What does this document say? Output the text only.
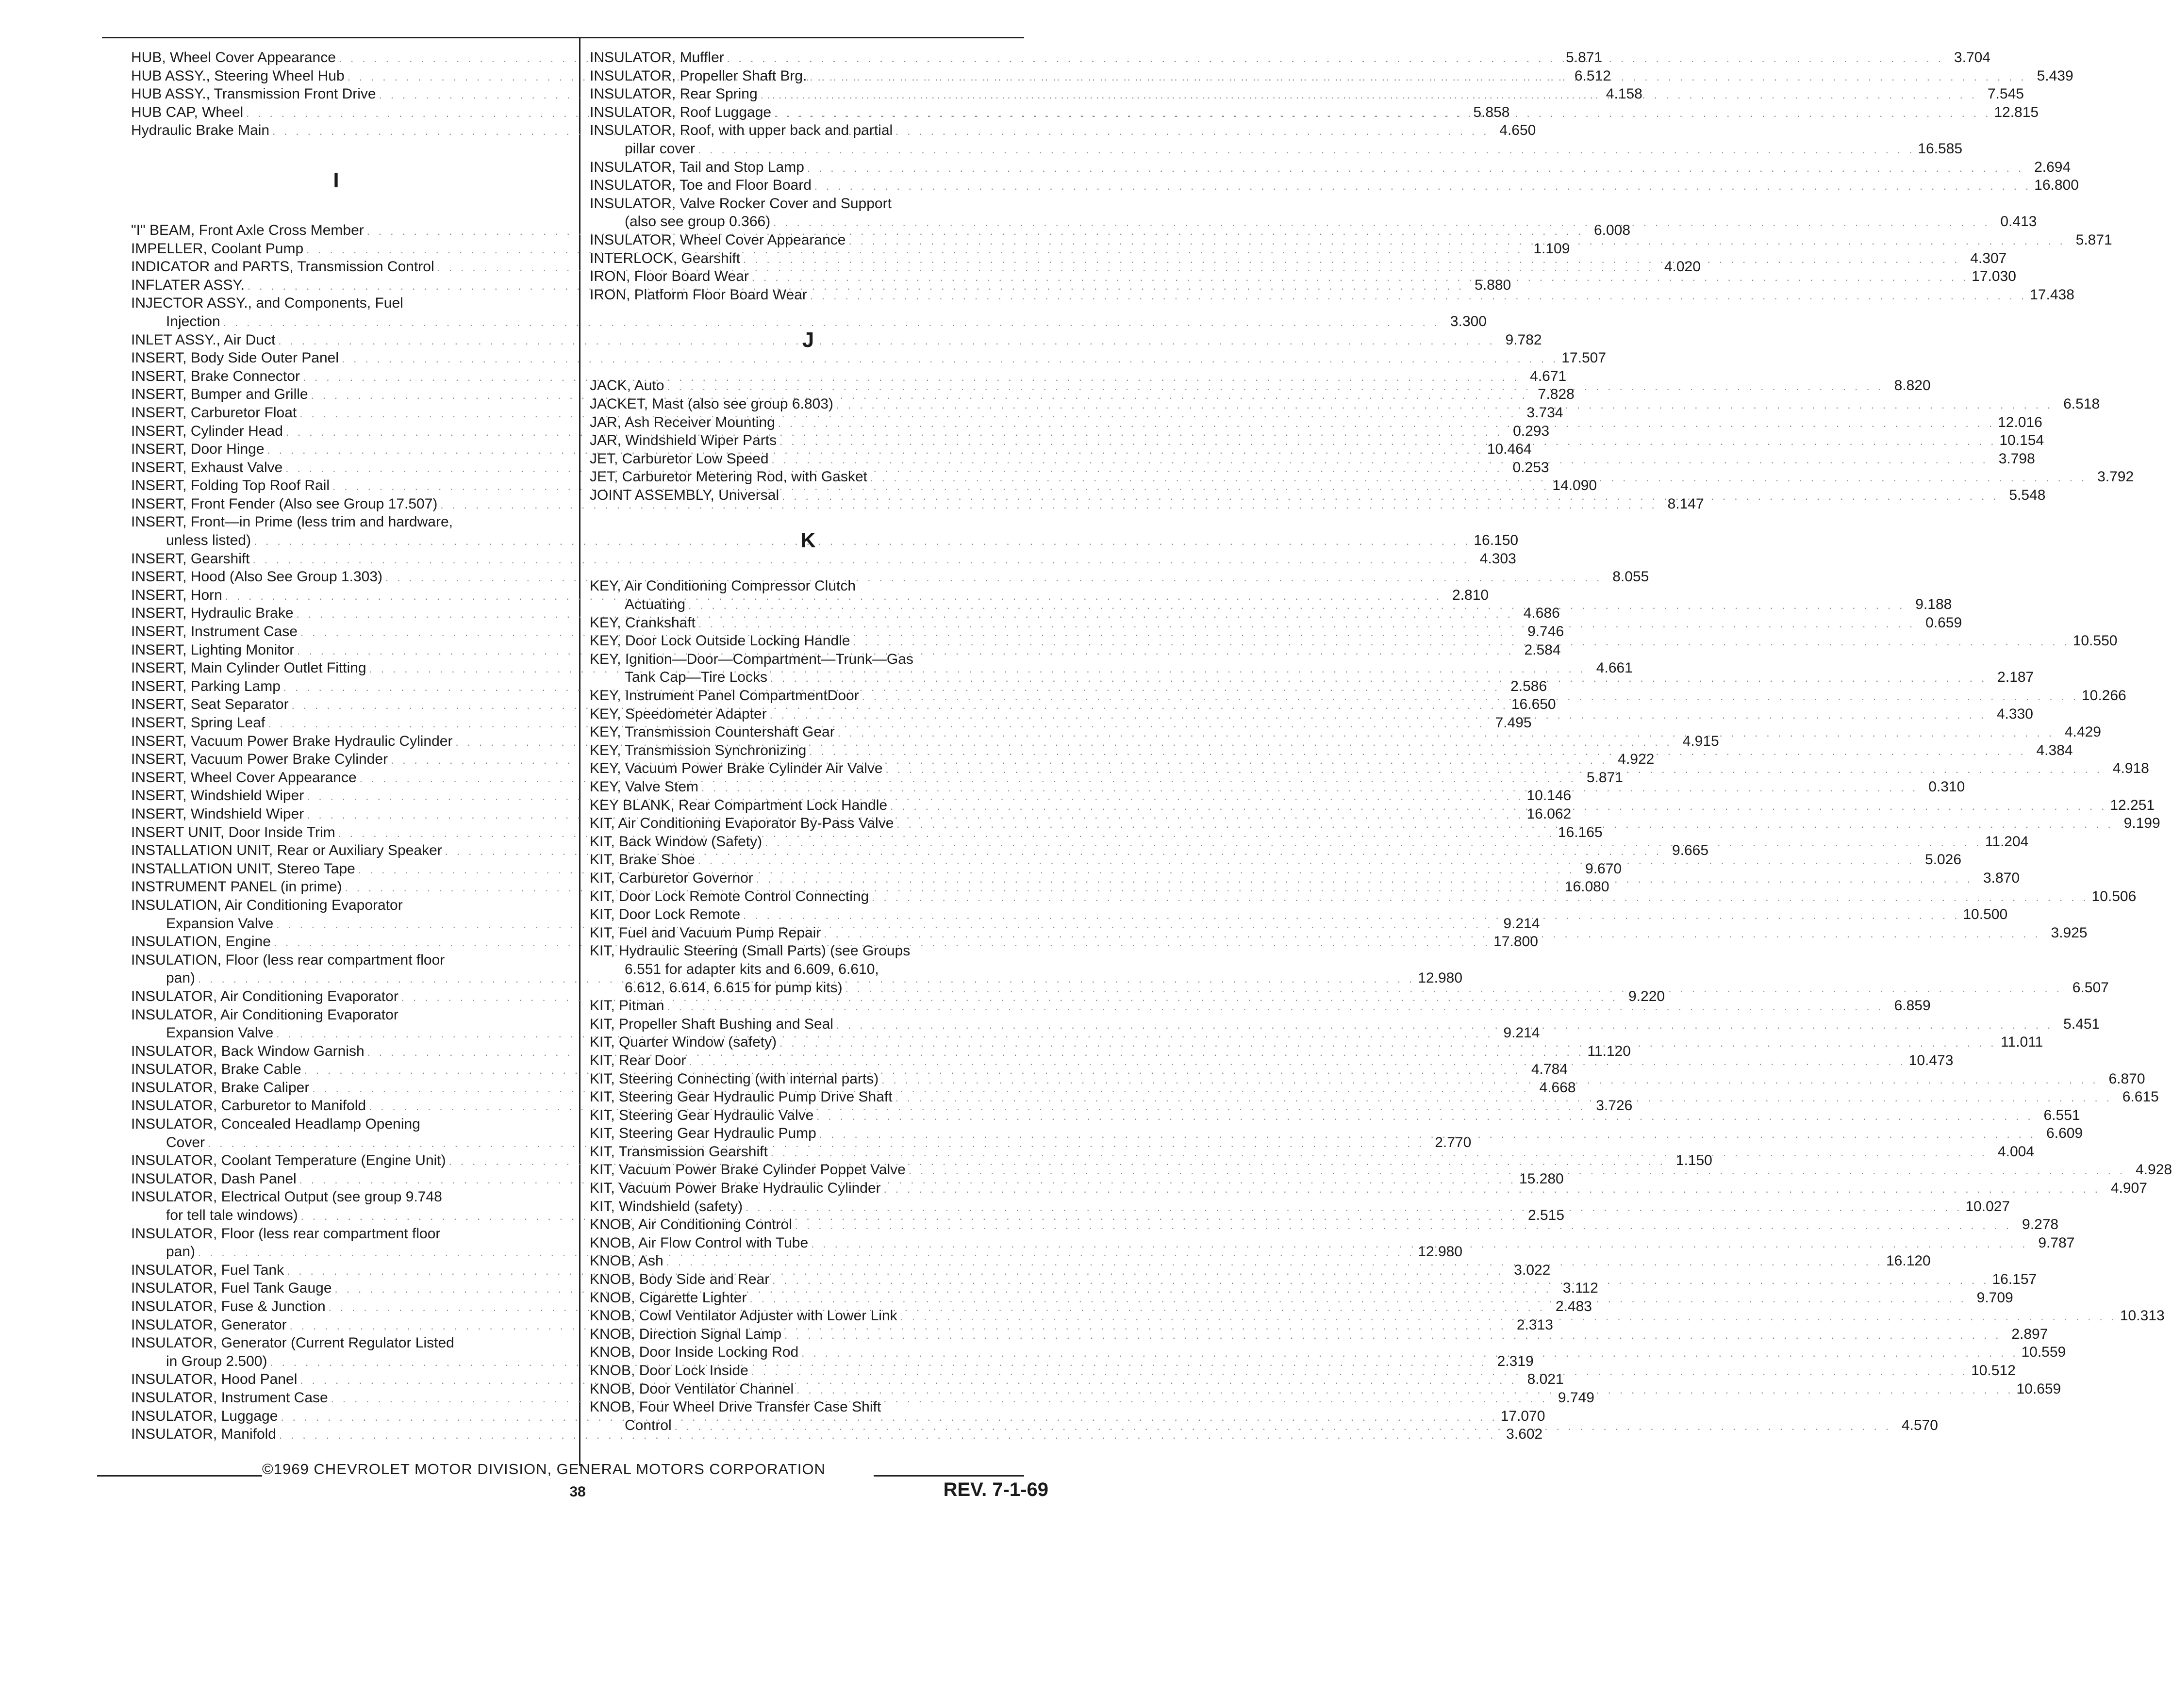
HUB, Wheel Cover Appearance . . .	5.871
HUB ASSY., Steering Wheel Hub . . .	6.512
HUB ASSY., Transmission Front Drive . . .	4.158
HUB CAP, Wheel . . .	5.858
Hydraulic Brake Main . . .	4.650
I
"I" BEAM, Front Axle Cross Member . . .	6.008
IMPELLER, Coolant Pump . . .	1.109
INDICATOR and PARTS, Transmission Control . . .	4.020
INFLATER ASSY. . . .	5.880
INJECTOR ASSY., and Components, Fuel
Injection . . .	3.300
INLET ASSY., Air Duct . . .	9.782
INSERT, Body Side Outer Panel . . .	17.507
INSERT, Brake Connector . . .	4.671
INSERT, Bumper and Grille . . .	7.828
INSERT, Carburetor Float . . .	3.734
INSERT, Cylinder Head . . .	0.293
INSERT, Door Hinge . . .	10.464
INSERT, Exhaust Valve . . .	0.253
INSERT, Folding Top Roof Rail . . .	14.090
INSERT, Front Fender (Also see Group 17.507) . . .	8.147
INSERT, Front—in Prime (less trim and hardware,
unless listed) . . .	16.150
INSERT, Gearshift . . .	4.303
INSERT, Hood (Also See Group 1.303) . . .	8.055
INSERT, Horn . . .	2.810
INSERT, Hydraulic Brake . . .	4.686
INSERT, Instrument Case . . .	9.746
INSERT, Lighting Monitor . . .	2.584
INSERT, Main Cylinder Outlet Fitting . . .	4.661
INSERT, Parking Lamp . . .	2.586
INSERT, Seat Separator . . .	16.650
INSERT, Spring Leaf . . .	7.495
INSERT, Vacuum Power Brake Hydraulic Cylinder . . .	4.915
INSERT, Vacuum Power Brake Cylinder . . .	4.922
INSERT, Wheel Cover Appearance . . .	5.871
INSERT, Windshield Wiper . . .	10.146
INSERT, Windshield Wiper . . .	16.062
INSERT UNIT, Door Inside Trim . . .	16.165
INSTALLATION UNIT, Rear or Auxiliary Speaker . . .	9.665
INSTALLATION UNIT, Stereo Tape . . .	9.670
INSTRUMENT PANEL (in prime) . . .	16.080
INSULATION, Air Conditioning Evaporator
Expansion Valve . . .	9.214
INSULATION, Engine . . .	17.800
INSULATION, Floor (less rear compartment floor
pan) . . .	12.980
INSULATOR, Air Conditioning Evaporator . . .	9.220
INSULATOR, Air Conditioning Evaporator
Expansion Valve . . .	9.214
INSULATOR, Back Window Garnish . . .	11.120
INSULATOR, Brake Cable . . .	4.784
INSULATOR, Brake Caliper . . .	4.668
INSULATOR, Carburetor to Manifold . . .	3.726
INSULATOR, Concealed Headlamp Opening
Cover . . .	2.770
INSULATOR, Coolant Temperature (Engine Unit) . . .	1.150
INSULATOR, Dash Panel . . .	15.280
INSULATOR, Electrical Output (see group 9.748
for tell tale windows) . . .	2.515
INSULATOR, Floor (less rear compartment floor
pan) . . .	12.980
INSULATOR, Fuel Tank . . .	3.022
INSULATOR, Fuel Tank Gauge . . .	3.112
INSULATOR, Fuse & Junction . . .	2.483
INSULATOR, Generator . . .	2.313
INSULATOR, Generator (Current Regulator Listed
in Group 2.500) . . .	2.319
INSULATOR, Hood Panel . . .	8.021
INSULATOR, Instrument Case . . .	9.749
INSULATOR, Luggage . . .	17.070
INSULATOR, Manifold . . .	3.602
INSULATOR, Muffler . . .	3.704
INSULATOR, Propeller Shaft Brg. . . .	5.439
INSULATOR, Rear Spring . . .	7.545
INSULATOR, Roof Luggage . . .	12.815
INSULATOR, Roof, with upper back and partial
pillar cover . . .	16.585
INSULATOR, Tail and Stop Lamp . . .	2.694
INSULATOR, Toe and Floor Board . . .	16.800
INSULATOR, Valve Rocker Cover and Support
(also see group 0.366) . . .	0.413
INSULATOR, Wheel Cover Appearance . . .	5.871
INTERLOCK, Gearshift . . .	4.307
IRON, Floor Board Wear . . .	17.030
IRON, Platform Floor Board Wear . . .	17.438
J
JACK, Auto . . .	8.820
JACKET, Mast (also see group 6.803) . . .	6.518
JAR, Ash Receiver Mounting . . .	12.016
JAR, Windshield Wiper Parts . . .	10.154
JET, Carburetor Low Speed . . .	3.798
JET, Carburetor Metering Rod, with Gasket . . .	3.792
JOINT ASSEMBLY, Universal . . .	5.548
K
KEY, Air Conditioning Compressor Clutch
Actuating . . .	9.188
KEY, Crankshaft . . .	0.659
KEY, Door Lock Outside Locking Handle . . .	10.550
KEY, Ignition—Door—Compartment—Trunk—Gas
Tank Cap—Tire Locks . . .	2.187
KEY, Instrument Panel CompartmentDoor . . .	10.266
KEY, Speedometer Adapter . . .	4.330
KEY, Transmission Countershaft Gear . . .	4.429
KEY, Transmission Synchronizing . . .	4.384
KEY, Vacuum Power Brake Cylinder Air Valve . . .	4.918
KEY, Valve Stem . . .	0.310
KEY BLANK, Rear Compartment Lock Handle . . .	12.251
KIT, Air Conditioning Evaporator By-Pass Valve . . .	9.199
KIT, Back Window (Safety) . . .	11.204
KIT, Brake Shoe . . .	5.026
KIT, Carburetor Governor . . .	3.870
KIT, Door Lock Remote Control Connecting . . .	10.506
KIT, Door Lock Remote . . .	10.500
KIT, Fuel and Vacuum Pump Repair . . .	3.925
KIT, Hydraulic Steering (Small Parts) (see Groups
6.551 for adapter kits and 6.609, 6.610,
6.612, 6.614, 6.615 for pump kits) . . .	6.507
KIT, Pitman . . .	6.859
KIT, Propeller Shaft Bushing and Seal . . .	5.451
KIT, Quarter Window (safety) . . .	11.011
KIT, Rear Door . . .	10.473
KIT, Steering Connecting (with internal parts) . . .	6.870
KIT, Steering Gear Hydraulic Pump Drive Shaft . . .	6.615
KIT, Steering Gear Hydraulic Valve . . .	6.551
KIT, Steering Gear Hydraulic Pump . . .	6.609
KIT, Transmission Gearshift . . .	4.004
KIT, Vacuum Power Brake Cylinder Poppet Valve . . .	4.928
KIT, Vacuum Power Brake Hydraulic Cylinder . . .	4.907
KIT, Windshield (safety) . . .	10.027
KNOB, Air Conditioning Control . . .	9.278
KNOB, Air Flow Control with Tube . . .	9.787
KNOB, Ash . . .	16.120
KNOB, Body Side and Rear . . .	16.157
KNOB, Cigarette Lighter . . .	9.709
KNOB, Cowl Ventilator Adjuster with Lower Link . . .	10.313
KNOB, Direction Signal Lamp . . .	2.897
KNOB, Door Inside Locking Rod . . .	10.559
KNOB, Door Lock Inside . . .	10.512
KNOB, Door Ventilator Channel . . .	10.659
KNOB, Four Wheel Drive Transfer Case Shift
Control . . .	4.570
©1969 CHEVROLET MOTOR DIVISION, GENERAL MOTORS CORPORATION
38	REV. 7-1-69
